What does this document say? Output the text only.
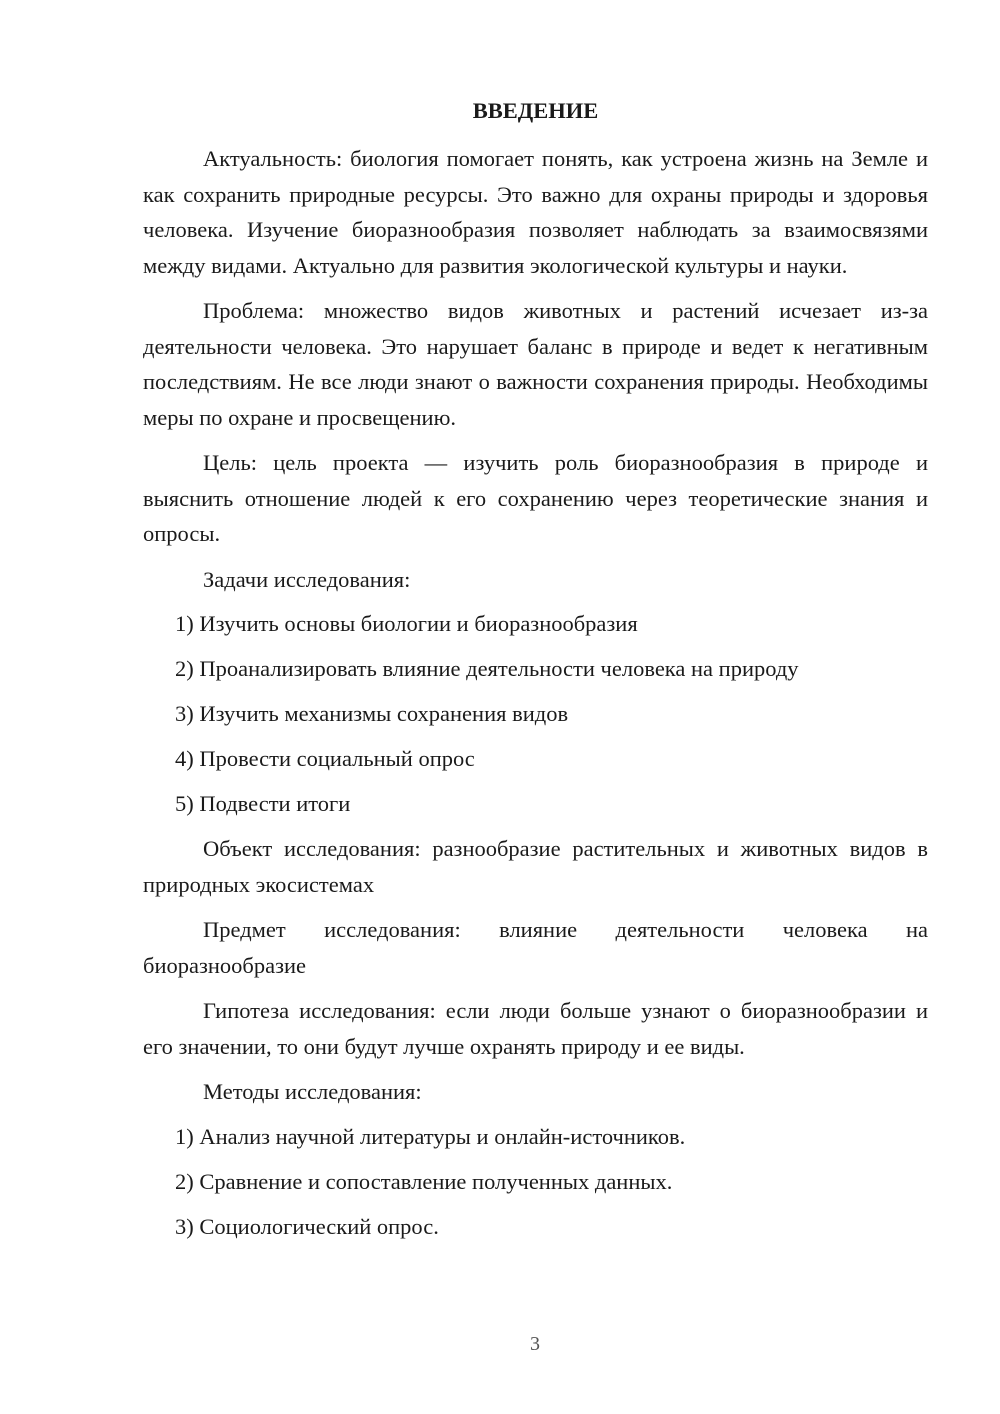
ВВЕДЕНИЕ

Актуальность: биология помогает понять, как устроена жизнь на Земле и как сохранить природные ресурсы. Это важно для охраны природы и здоровья человека. Изучение биоразнообразия позволяет наблюдать за взаимосвязями между видами. Актуально для развития экологической культуры и науки.

Проблема: множество видов животных и растений исчезает из-за деятельности человека. Это нарушает баланс в природе и ведет к негативным последствиям. Не все люди знают о важности сохранения природы. Необходимы меры по охране и просвещению.

Цель: цель проекта — изучить роль биоразнообразия в природе и выяснить отношение людей к его сохранению через теоретические знания и опросы.

Задачи исследования:

1) Изучить основы биологии и биоразнообразия
2) Проанализировать влияние деятельности человека на природу
3) Изучить механизмы сохранения видов
4) Провести социальный опрос
5) Подвести итоги

Объект исследования: разнообразие растительных и животных видов в природных экосистемах

Предмет исследования: влияние деятельности человека на биоразнообразие

Гипотеза исследования: если люди больше узнают о биоразнообразии и его значении, то они будут лучше охранять природу и ее виды.

Методы исследования:

1) Анализ научной литературы и онлайн-источников.
2) Сравнение и сопоставление полученных данных.
3) Социологический опрос.
3
